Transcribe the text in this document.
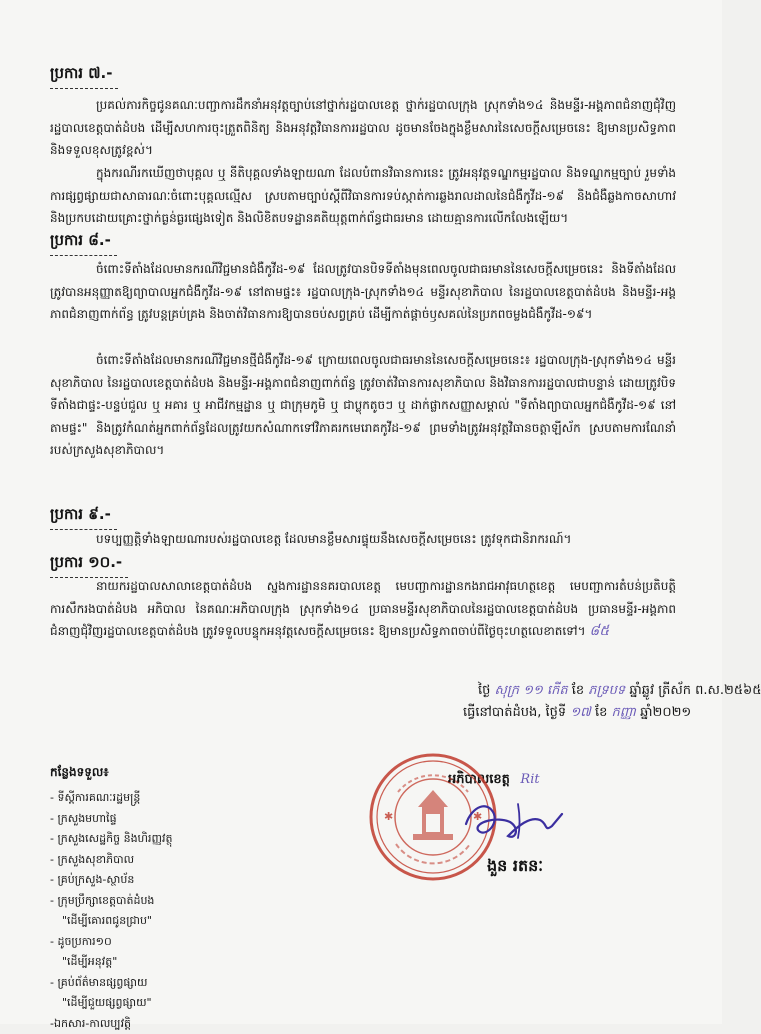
ប្រការ ៧.-

ប្រគល់ភារកិច្ចជូនគណៈបញ្ជាការដឹកនាំអនុវត្តច្បាប់នៅថ្នាក់រដ្ឋបាលខេត្ត ថ្នាក់រដ្ឋបាលក្រុង ស្រុកទាំង១៤ និងមន្ទីរ-អង្គភាពជំនាញជុំវិញរដ្ឋបាលខេត្តបាត់ដំបង ដើម្បីសហការចុះត្រួតពិនិត្យ និងអនុវត្តវិធានការរដ្ឋបាល ដូចមានចែងក្នុងខ្លឹមសារនៃសេចក្តីសម្រេចនេះ ឱ្យមានប្រសិទ្ធភាព និងទទួលខុសត្រូវខ្ពស់។

ក្នុងករណីរកឃើញថាបុគ្គល ឬ នីតិបុគ្គលទាំងឡាយណា ដែលបំពានវិធានការនេះ ត្រូវអនុវត្តទណ្ឌកម្មរដ្ឋបាល និងទណ្ឌកម្មច្បាប់ រួមទាំងការផ្សព្វផ្សាយជាសាធារណៈចំពោះបុគ្គលល្មើស ស្របតាមច្បាប់ស្តីពីវិធានការទប់ស្កាត់ការឆ្លងរាលដាលនៃជំងឺកូវីដ-១៩ និងជំងឺឆ្លងកាចសាហាវ និងប្រកបដោយគ្រោះថ្នាក់ធ្ងន់ធ្ងរផ្សេងទៀត និងលិខិតបទដ្ឋានគតិយុត្តពាក់ព័ន្ធជាធរមាន ដោយគ្មានការលើកលែងឡើយ។

ប្រការ ៨.-

ចំពោះទីតាំងដែលមានករណីវិជ្ជមានជំងឺកូវីដ-១៩ ដែលត្រូវបានបិទទីតាំងមុនពេលចូលជាធរមាននៃសេចក្តីសម្រេចនេះ និងទីតាំងដែលត្រូវបានអនុញ្ញាតឱ្យព្យាបាលអ្នកជំងឺកូវីដ-១៩ នៅតាមផ្ទះ៖ រដ្ឋបាលក្រុង-ស្រុកទាំង១៤ មន្ទីរសុខាភិបាល នៃរដ្ឋបាលខេត្តបាត់ដំបង និងមន្ទីរ-អង្គភាពជំនាញពាក់ព័ន្ធ ត្រូវបន្តគ្រប់គ្រង និងចាត់វិធានការឱ្យបានចប់សព្វគ្រប់ ដើម្បីកាត់ផ្តាច់ឫសគល់នៃប្រភពចម្លងជំងឺកូវីដ-១៩។

ចំពោះទីតាំងដែលមានករណីវិជ្ជមានថ្មីជំងឺកូវីដ-១៩ ក្រោយពេលចូលជាធរមាននៃសេចក្តីសម្រេចនេះ៖ រដ្ឋបាលក្រុង-ស្រុកទាំង១៤ មន្ទីរសុខាភិបាល នៃរដ្ឋបាលខេត្តបាត់ដំបង និងមន្ទីរ-អង្គភាពជំនាញពាក់ព័ន្ធ ត្រូវចាត់វិធានការសុខាភិបាល និងវិធានការរដ្ឋបាលជាបន្ទាន់ ដោយត្រូវបិទទីតាំងជាផ្ទះ-បន្ទប់ជួល ឬ អគារ ឬ អាជីវកម្មដ្ឋាន ឬ ជាក្រុមភូមិ ឬ ជាប្លុកតូចៗ ឬ ដាក់ផ្លាកសញ្ញាសម្គាល់ "ទីតាំងព្យាបាលអ្នកជំងឺកូវីដ-១៩ នៅតាមផ្ទះ" និងត្រូវកំណត់អ្នកពាក់ព័ន្ធដែលត្រូវយកសំណាកទៅវិភាគរកមេរោគកូវីដ-១៩ ព្រមទាំងត្រូវអនុវត្តវិធានចត្តាឡីស័ក ស្របតាមការណែនាំរបស់ក្រសួងសុខាភិបាល។

ប្រការ ៩.-

បទប្បញ្ញត្តិទាំងឡាយណារបស់រដ្ឋបាលខេត្ត ដែលមានខ្លឹមសារផ្ទុយនឹងសេចក្តីសម្រេចនេះ ត្រូវទុកជានិរាករណ៍។

ប្រការ ១០.-

នាយករដ្ឋបាលសាលាខេត្តបាត់ដំបង ស្នងការដ្ឋាននគរបាលខេត្ត មេបញ្ជាការដ្ឋានកងរាជអាវុធហត្ថខេត្ត មេបញ្ជាការតំបន់ប្រតិបត្តិការសឹករងបាត់ដំបង អភិបាល នៃគណៈអភិបាលក្រុង ស្រុកទាំង១៤ ប្រធានមន្ទីរសុខាភិបាលនៃរដ្ឋបាលខេត្តបាត់ដំបង ប្រធានមន្ទីរ-អង្គភាពជំនាញជុំវិញរដ្ឋបាលខេត្តបាត់ដំបង ត្រូវទទួលបន្ទុកអនុវត្តសេចក្តីសម្រេចនេះ ឱ្យមានប្រសិទ្ធភាពចាប់ពីថ្ងៃចុះហត្ថលេខាតទៅ។ ៨៥

ថ្ងៃ សុក្រ ១១ កើត ខែ ភទ្របទ ឆ្នាំឆ្លូវ ត្រីស័ក ព.ស.២៥៦៥
ធ្វើនៅបាត់ដំបង, ថ្ងៃទី ១៧ ខែ កញ្ញា ឆ្នាំ២០២១
អភិបាលខេត្ត Rit
✱	✱
ងួន រតនៈ
កន្លែងទទួល៖
- ទីស្តីការគណៈរដ្ឋមន្ត្រី
- ក្រសួងមហាផ្ទៃ
- ក្រសួងសេដ្ឋកិច្ច និងហិរញ្ញវត្ថុ
- ក្រសួងសុខាភិបាល
- គ្រប់ក្រសួង-ស្ថាប័ន
- ក្រុមប្រឹក្សាខេត្តបាត់ដំបង
"ដើម្បីគោរពជូនជ្រាប"
- ដូចប្រការ១០
"ដើម្បីអនុវត្ត"
- គ្រប់ព័ត៌មានផ្សព្វផ្សាយ
"ដើម្បីជួយផ្សព្វផ្សាយ"
-ឯកសារ-កាលប្បវត្តិ
